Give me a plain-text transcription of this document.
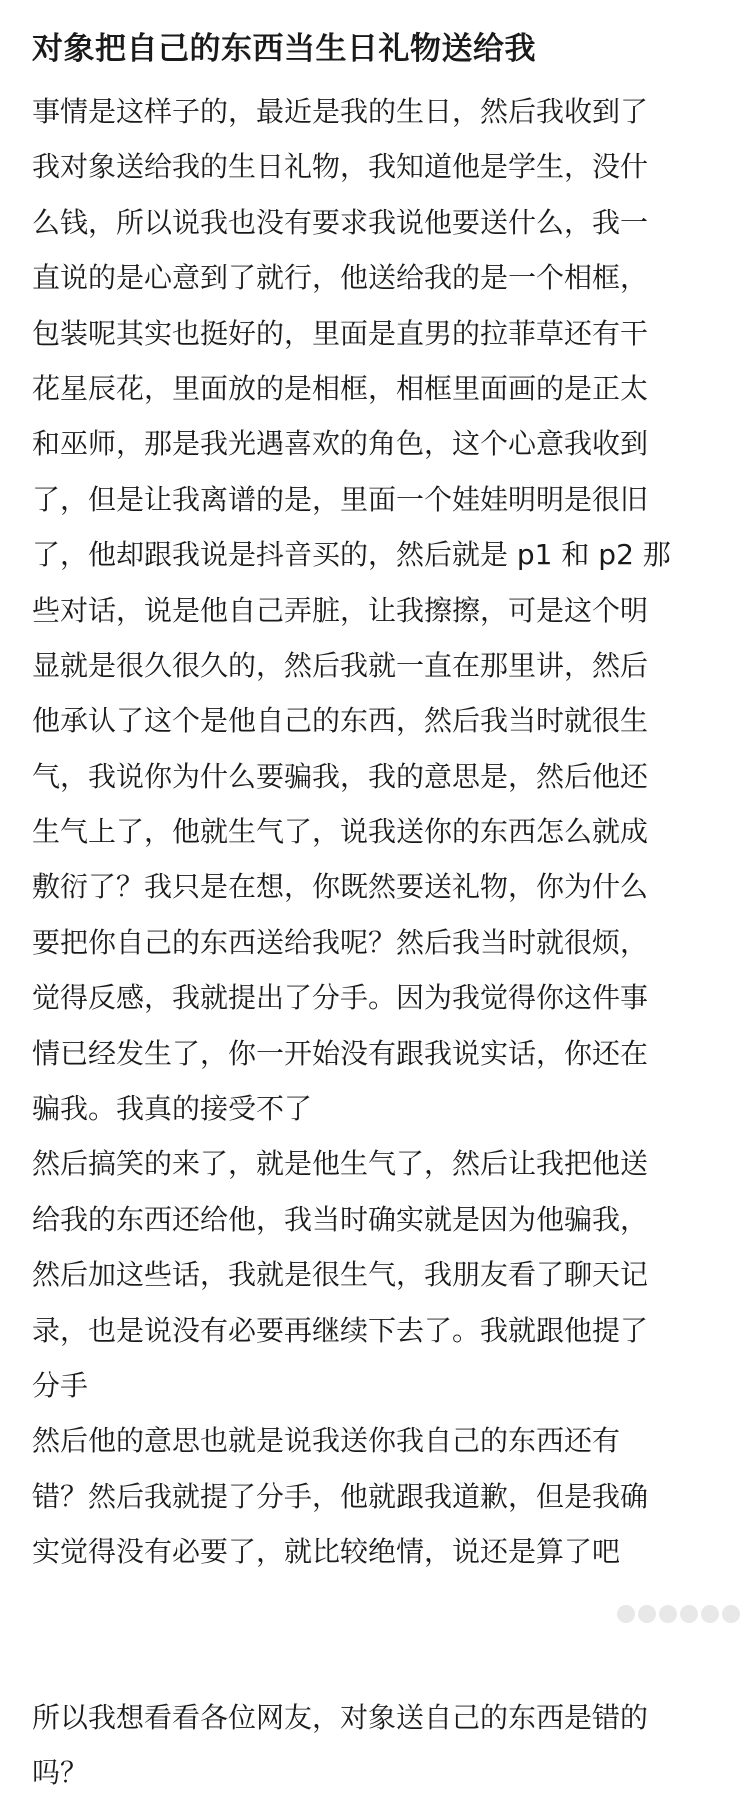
对象把自己的东西当生日礼物送给我
事情是这样子的，最近是我的生日，然后我收到了
我对象送给我的生日礼物，我知道他是学生，没什
么钱，所以说我也没有要求我说他要送什么，我一
直说的是心意到了就行，他送给我的是一个相框，
包装呢其实也挺好的，里面是直男的拉菲草还有干
花星辰花，里面放的是相框，相框里面画的是正太
和巫师，那是我光遇喜欢的角色，这个心意我收到
了，但是让我离谱的是，里面一个娃娃明明是很旧
了，他却跟我说是抖音买的，然后就是 p1 和 p2 那
些对话，说是他自己弄脏，让我擦擦，可是这个明
显就是很久很久的，然后我就一直在那里讲，然后
他承认了这个是他自己的东西，然后我当时就很生
气，我说你为什么要骗我，我的意思是，然后他还
生气上了，他就生气了，说我送你的东西怎么就成
敷衍了？我只是在想，你既然要送礼物，你为什么
要把你自己的东西送给我呢？然后我当时就很烦，
觉得反感，我就提出了分手。因为我觉得你这件事
情已经发生了，你一开始没有跟我说实话，你还在
骗我。我真的接受不了
然后搞笑的来了，就是他生气了，然后让我把他送
给我的东西还给他，我当时确实就是因为他骗我，
然后加这些话，我就是很生气，我朋友看了聊天记
录，也是说没有必要再继续下去了。我就跟他提了
分手
然后他的意思也就是说我送你我自己的东西还有
错？然后我就提了分手，他就跟我道歉，但是我确
实觉得没有必要了，就比较绝情，说还是算了吧
所以我想看看各位网友，对象送自己的东西是错的
吗？
